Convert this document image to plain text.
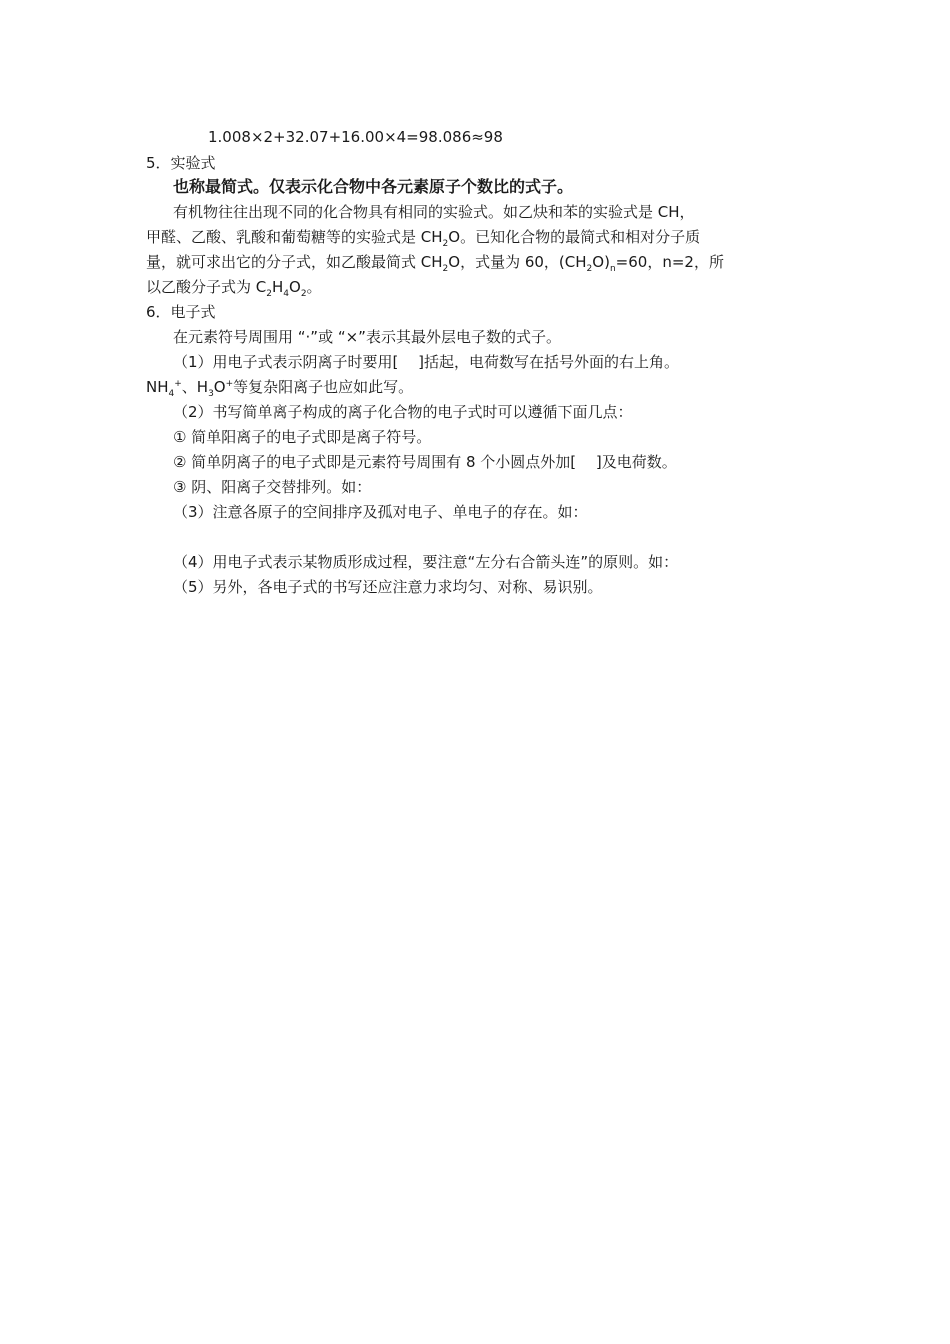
1.008×2+32.07+16.00×4=98.086≈98
5．实验式
也称最简式。仅表示化合物中各元素原子个数比的式子。
有机物往往出现不同的化合物具有相同的实验式。如乙炔和苯的实验式是 CH，
甲醛、乙酸、乳酸和葡萄糖等的实验式是 $CH_2O$。已知化合物的最简式和相对分子质
量，就可求出它的分子式，如乙酸最简式 $CH_2O$，式量为 60，$(CH_2O)_n=60$，n=2，所
以乙酸分子式为 $C_2H_4O_2$。
6．电子式
在元素符号周围用 “·”或 “×”表示其最外层电子数的式子。
（1）用电子式表示阴离子时要用[　 ]括起，电荷数写在括号外面的右上角。
$NH_4^+$、$H_3O^+$等复杂阳离子也应如此写。
（2）书写简单离子构成的离子化合物的电子式时可以遵循下面几点：
① 简单阳离子的电子式即是离子符号。
② 简单阴离子的电子式即是元素符号周围有 8 个小圆点外加[　 ]及电荷数。
③ 阴、阳离子交替排列。如：
（3）注意各原子的空间排序及孤对电子、单电子的存在。如：
（4）用电子式表示某物质形成过程，要注意“左分右合箭头连”的原则。如：
（5）另外，各电子式的书写还应注意力求均匀、对称、易识别。
